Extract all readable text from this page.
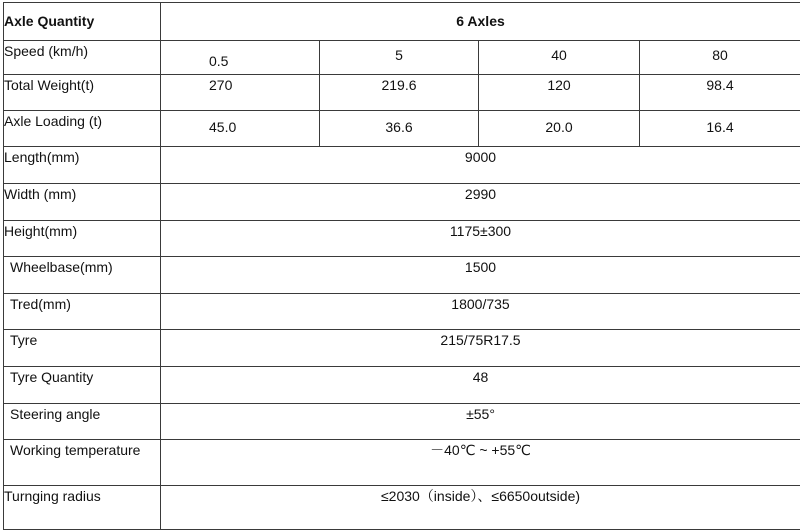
Axle Quantity	6 Axles			
Speed (km/h)	0.5	5	40	80
Total Weight(t)	270	219.6	120	98.4
Axle Loading (t)	45.0	36.6	20.0	16.4
Length(mm)	9000			
Width (mm)	2990			
Height(mm)	1175±300			
Wheelbase(mm)	1500			
Tred(mm)	1800/735			
Tyre	215/75R17.5			
Tyre Quantity	48			
Steering angle	±55°			
Working temperature	－40℃ ~ +55℃			
Turnging radius	≤2030（inside）、≤6650outside)			
